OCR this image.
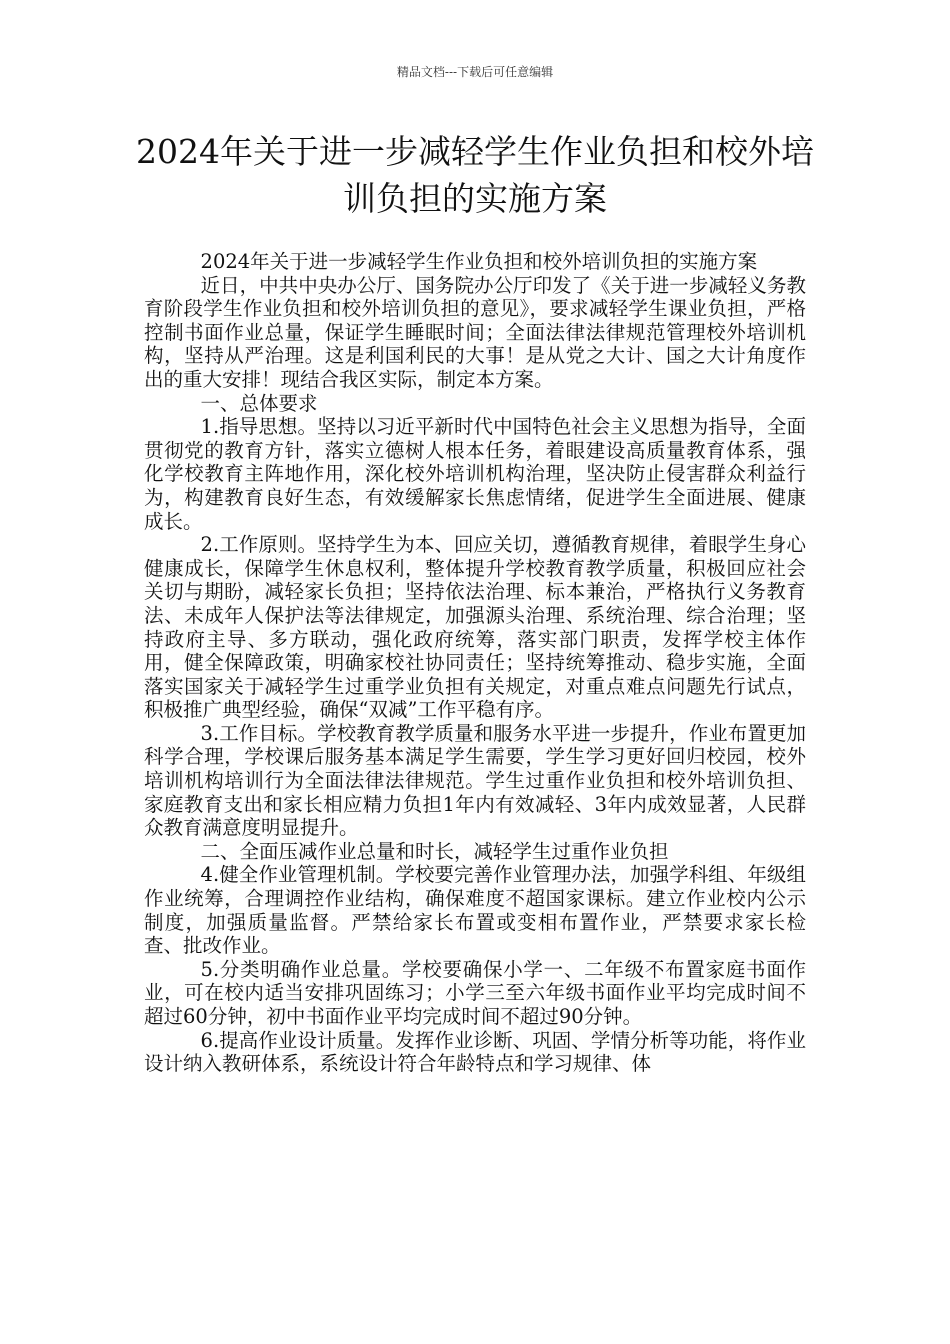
精品文档---下载后可任意编辑
2024年关于进一步减轻学生作业负担和校外培训负担的实施方案

2024年关于进一步减轻学生作业负担和校外培训负担的实施方案

近日，中共中央办公厅、国务院办公厅印发了《关于进一步减轻义务教育阶段学生作业负担和校外培训负担的意见》，要求减轻学生课业负担，严格控制书面作业总量，保证学生睡眠时间；全面法律法律规范管理校外培训机构，坚持从严治理。这是利国利民的大事！是从党之大计、国之大计角度作出的重大安排！现结合我区实际，制定本方案。

一、总体要求

1.指导思想。坚持以习近平新时代中国特色社会主义思想为指导，全面贯彻党的教育方针，落实立德树人根本任务，着眼建设高质量教育体系，强化学校教育主阵地作用，深化校外培训机构治理，坚决防止侵害群众利益行为，构建教育良好生态，有效缓解家长焦虑情绪，促进学生全面进展、健康成长。

2.工作原则。坚持学生为本、回应关切，遵循教育规律，着眼学生身心健康成长，保障学生休息权利，整体提升学校教育教学质量，积极回应社会关切与期盼，减轻家长负担；坚持依法治理、标本兼治，严格执行义务教育法、未成年人保护法等法律规定，加强源头治理、系统治理、综合治理；坚持政府主导、多方联动，强化政府统筹，落实部门职责，发挥学校主体作用，健全保障政策，明确家校社协同责任；坚持统筹推动、稳步实施，全面落实国家关于减轻学生过重学业负担有关规定，对重点难点问题先行试点，积极推广典型经验，确保“双减”工作平稳有序。

3.工作目标。学校教育教学质量和服务水平进一步提升，作业布置更加科学合理，学校课后服务基本满足学生需要，学生学习更好回归校园，校外培训机构培训行为全面法律法律规范。学生过重作业负担和校外培训负担、家庭教育支出和家长相应精力负担1年内有效减轻、3年内成效显著，人民群众教育满意度明显提升。

二、全面压减作业总量和时长，减轻学生过重作业负担

4.健全作业管理机制。学校要完善作业管理办法，加强学科组、年级组作业统筹，合理调控作业结构，确保难度不超国家课标。建立作业校内公示制度，加强质量监督。严禁给家长布置或变相布置作业，严禁要求家长检查、批改作业。

5.分类明确作业总量。学校要确保小学一、二年级不布置家庭书面作业，可在校内适当安排巩固练习；小学三至六年级书面作业平均完成时间不超过60分钟，初中书面作业平均完成时间不超过90分钟。

6.提高作业设计质量。发挥作业诊断、巩固、学情分析等功能，将作业设计纳入教研体系，系统设计符合年龄特点和学习规律、体
